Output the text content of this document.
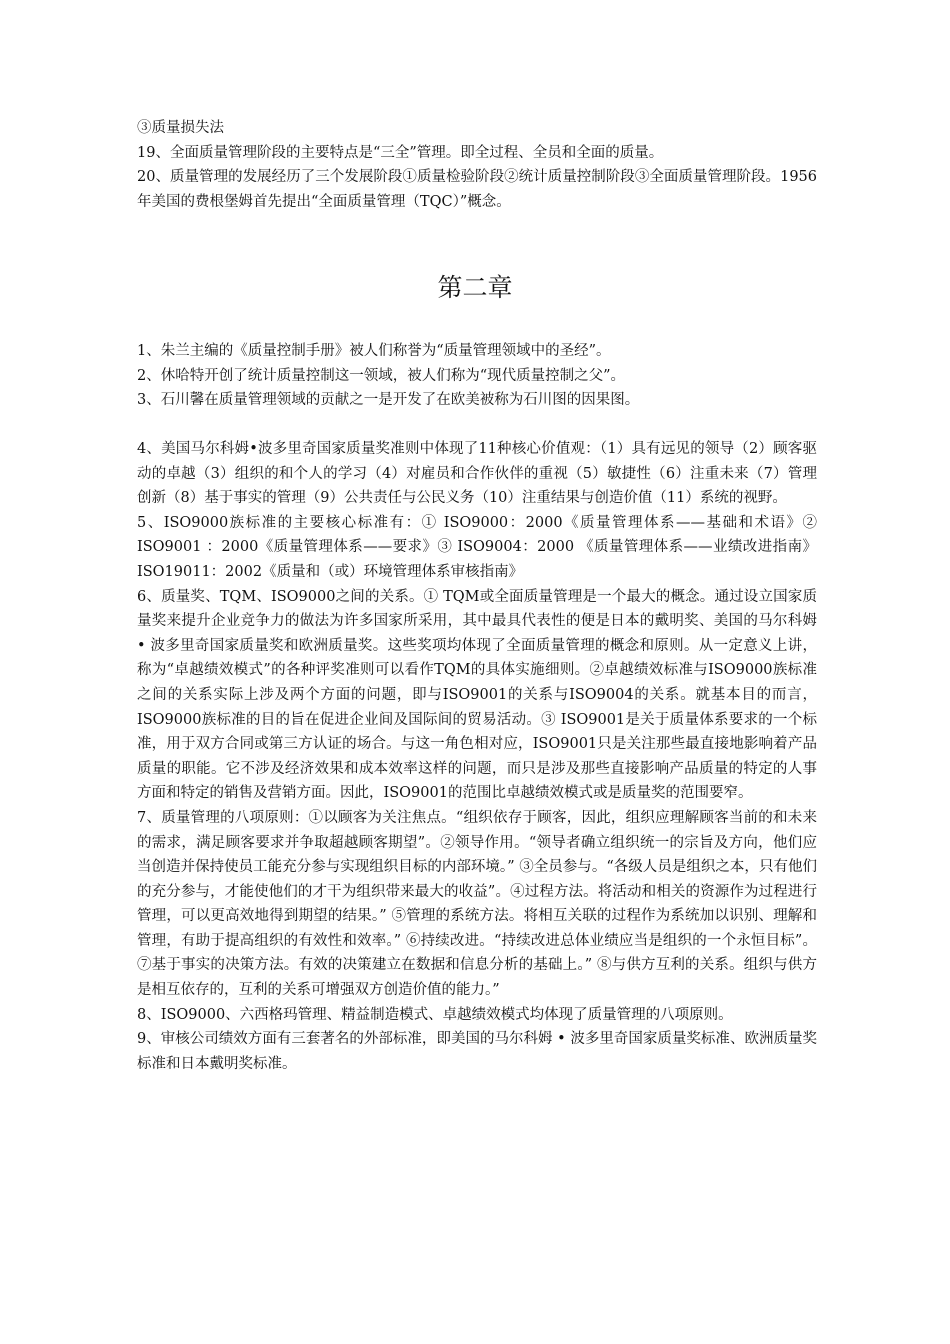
③质量损失法

19、全面质量管理阶段的主要特点是“三全”管理。即全过程、全员和全面的质量。

20、质量管理的发展经历了三个发展阶段①质量检验阶段②统计质量控制阶段③全面质量管理阶段。1956年美国的费根堡姆首先提出“全面质量管理（TQC）”概念。

第二章

1、朱兰主编的《质量控制手册》被人们称誉为“质量管理领域中的圣经”。

2、休哈特开创了统计质量控制这一领域，被人们称为“现代质量控制之父”。

3、石川馨在质量管理领域的贡献之一是开发了在欧美被称为石川图的因果图。

4、美国马尔科姆•波多里奇国家质量奖准则中体现了11种核心价值观：（1）具有远见的领导（2）顾客驱动的卓越（3）组织的和个人的学习（4）对雇员和合作伙伴的重视（5）敏捷性（6）注重未来（7）管理创新（8）基于事实的管理（9）公共责任与公民义务（10）注重结果与创造价值（11）系统的视野。

5、ISO9000族标准的主要核心标准有：① ISO9000：2000《质量管理体系——基础和术语》② ISO9001 ：2000《质量管理体系——要求》③ ISO9004：2000 《质量管理体系——业绩改进指南》 ISO19011：2002《质量和（或）环境管理体系审核指南》

6、质量奖、TQM、ISO9000之间的关系。① TQM或全面质量管理是一个最大的概念。通过设立国家质量奖来提升企业竞争力的做法为许多国家所采用，其中最具代表性的便是日本的戴明奖、美国的马尔科姆 • 波多里奇国家质量奖和欧洲质量奖。这些奖项均体现了全面质量管理的概念和原则。从一定意义上讲，称为“卓越绩效模式”的各种评奖准则可以看作TQM的具体实施细则。②卓越绩效标准与ISO9000族标准之间的关系实际上涉及两个方面的问题，即与ISO9001的关系与ISO9004的关系。就基本目的而言，ISO9000族标准的目的旨在促进企业间及国际间的贸易活动。③ ISO9001是关于质量体系要求的一个标准，用于双方合同或第三方认证的场合。与这一角色相对应，ISO9001只是关注那些最直接地影响着产品质量的职能。它不涉及经济效果和成本效率这样的问题，而只是涉及那些直接影响产品质量的特定的人事方面和特定的销售及营销方面。因此，ISO9001的范围比卓越绩效模式或是质量奖的范围要窄。

7、质量管理的八项原则：①以顾客为关注焦点。“组织依存于顾客，因此，组织应理解顾客当前的和未来的需求，满足顾客要求并争取超越顾客期望”。②领导作用。“领导者确立组织统一的宗旨及方向，他们应当创造并保持使员工能充分参与实现组织目标的内部环境。” ③全员参与。“各级人员是组织之本，只有他们的充分参与，才能使他们的才干为组织带来最大的收益”。④过程方法。将活动和相关的资源作为过程进行管理，可以更高效地得到期望的结果。” ⑤管理的系统方法。将相互关联的过程作为系统加以识别、理解和管理，有助于提高组织的有效性和效率。” ⑥持续改进。“持续改进总体业绩应当是组织的一个永恒目标”。⑦基于事实的决策方法。有效的决策建立在数据和信息分析的基础上。” ⑧与供方互利的关系。组织与供方是相互依存的，互利的关系可增强双方创造价值的能力。”

8、ISO9000、六西格玛管理、精益制造模式、卓越绩效模式均体现了质量管理的八项原则。

9、审核公司绩效方面有三套著名的外部标准，即美国的马尔科姆 • 波多里奇国家质量奖标准、欧洲质量奖标准和日本戴明奖标准。
